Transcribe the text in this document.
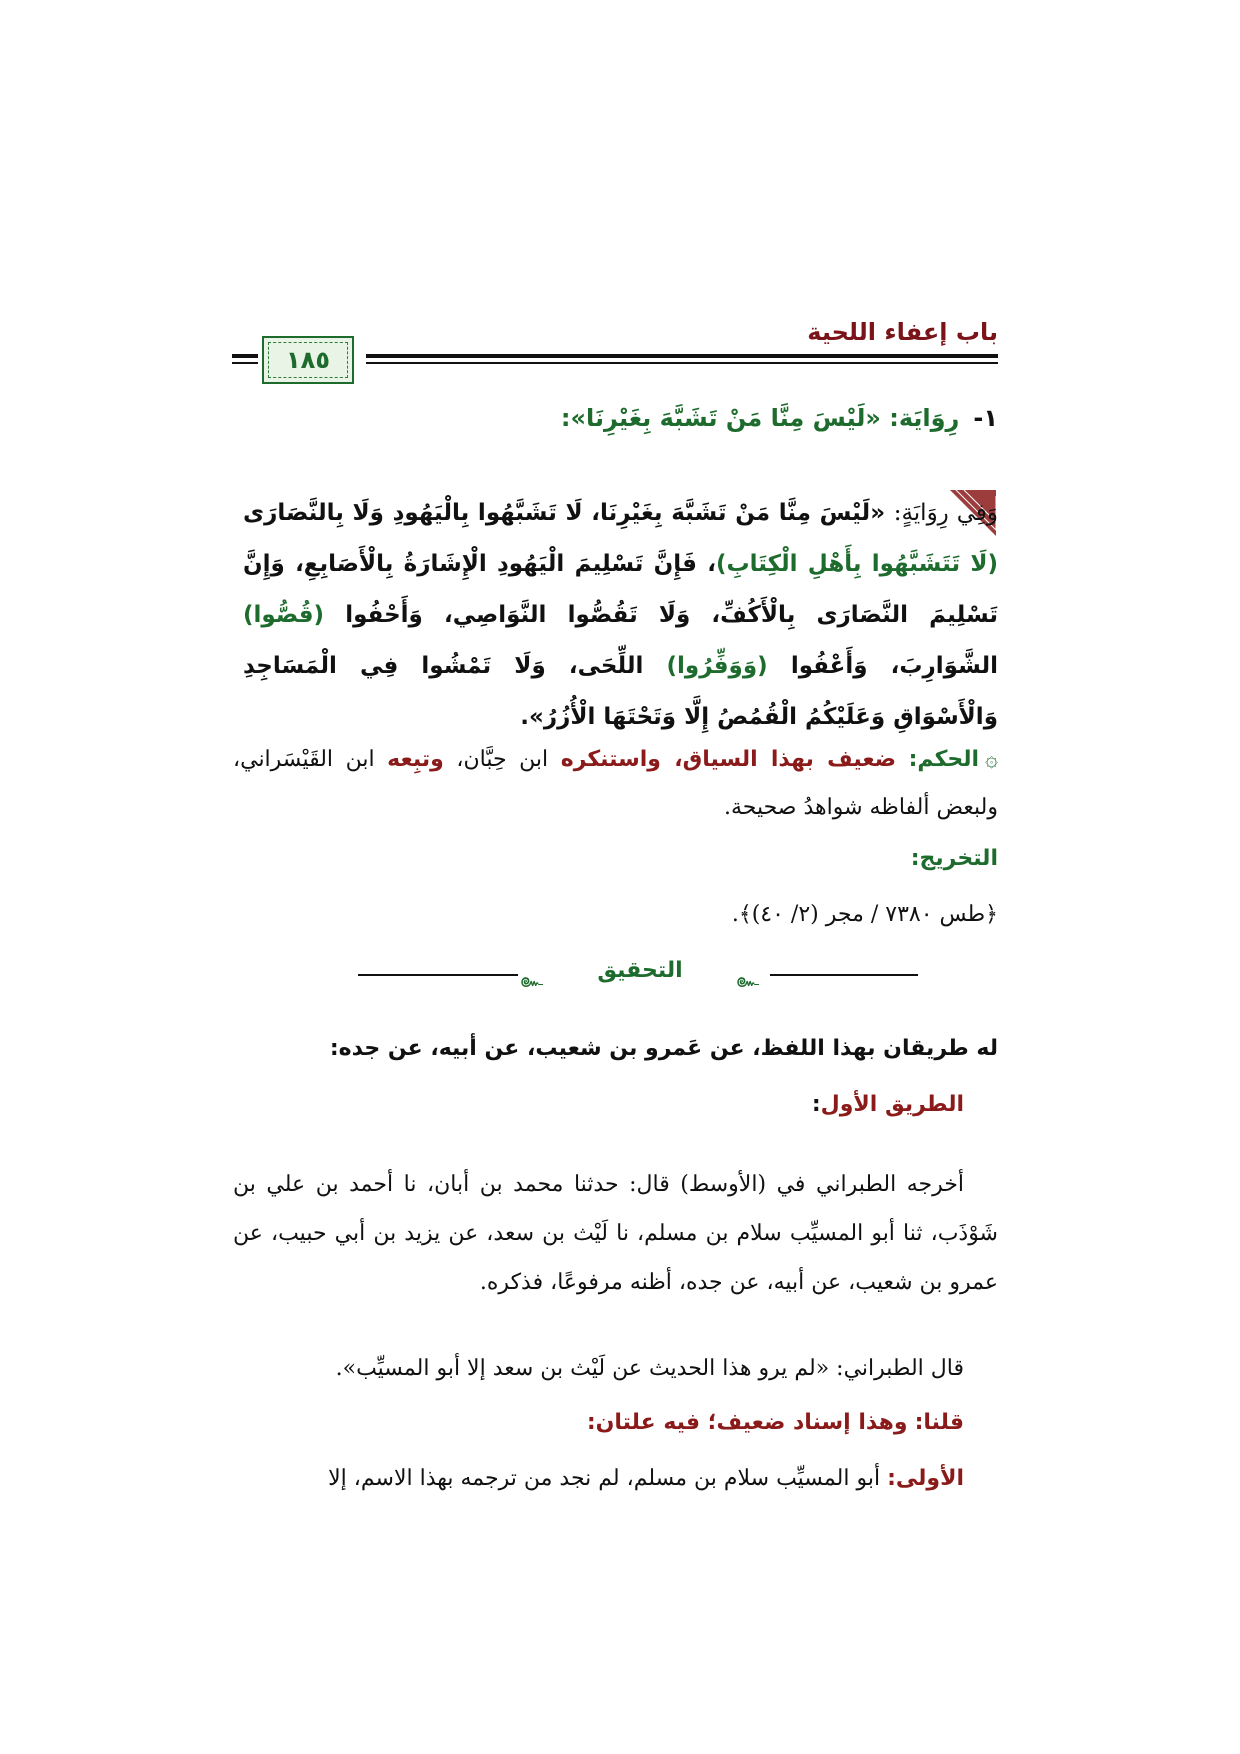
باب إعفاء اللحية
١٨٥
١-رِوَايَة: «لَيْسَ مِنَّا مَنْ تَشَبَّهَ بِغَيْرِنَا»:
وَفِي رِوَايَةٍ: «لَيْسَ مِنَّا مَنْ تَشَبَّهَ بِغَيْرِنَا، لَا تَشَبَّهُوا بِالْيَهُودِ وَلَا بِالنَّصَارَى (لَا تَتَشَبَّهُوا بِأَهْلِ الْكِتَابِ)، فَإِنَّ تَسْلِيمَ الْيَهُودِ الْإِشَارَةُ بِالْأَصَابِعِ، وَإِنَّ تَسْلِيمَ النَّصَارَى بِالْأَكُفِّ، وَلَا تَقُصُّوا النَّوَاصِي، وَأَحْفُوا (قُصُّوا) الشَّوَارِبَ، وَأَعْفُوا (وَوَفِّرُوا) اللِّحَى، وَلَا تَمْشُوا فِي الْمَسَاجِدِ وَالْأَسْوَاقِ وَعَلَيْكُمُ الْقُمُصُ إِلَّا وَتَحْتَهَا الْأُزُرُ».
۞الحكم: ضعيف بهذا السياق، واستنكره ابن حِبَّان، وتبِعه ابن القَيْسَراني، ولبعض ألفاظه شواهدُ صحيحة.
التخريج:
﴿طس ٧٣٨٠ / مجر (٢/ ٤٠)﴾.
๛	التحقيق	๛
له طريقان بهذا اللفظ، عن عَمرو بن شعيب، عن أبيه، عن جده:
الطريق الأول:
أخرجه الطبراني في (الأوسط) قال: حدثنا محمد بن أبان، نا أحمد بن علي بن شَوْذَب، ثنا أبو المسيِّب سلام بن مسلم، نا لَيْث بن سعد، عن يزيد بن أبي حبيب، عن عمرو بن شعيب، عن أبيه، عن جده، أظنه مرفوعًا، فذكره.
قال الطبراني: «لم يرو هذا الحديث عن لَيْث بن سعد إلا أبو المسيِّب».
قلنا: وهذا إسناد ضعيف؛ فيه علتان:
الأولى: أبو المسيِّب سلام بن مسلم، لم نجد من ترجمه بهذا الاسم، إلا
